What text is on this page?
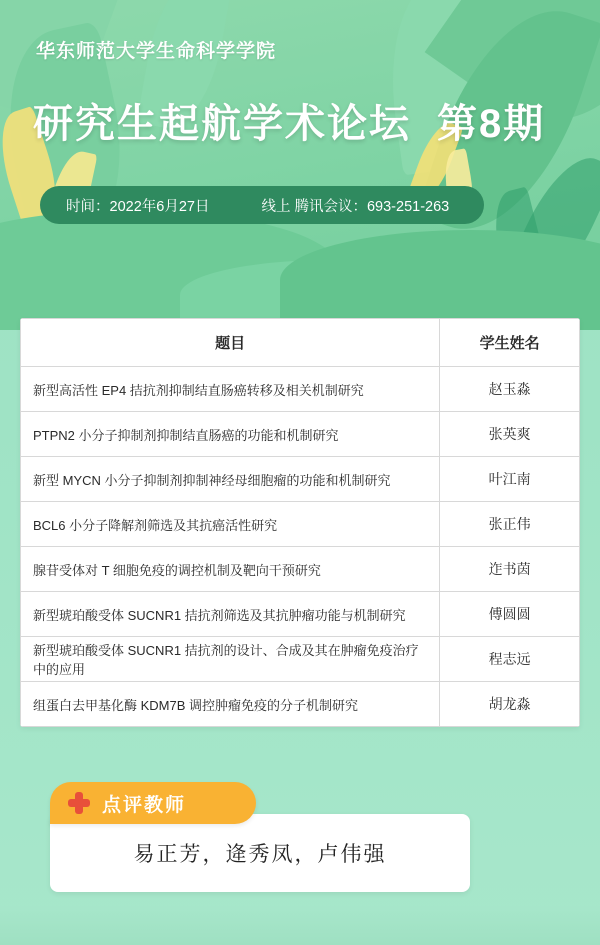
华东师范大学生命科学学院
研究生起航学术论坛 第8期
时间：2022年6月27日	线上 腾讯会议：693-251-263
题目	学生姓名
新型高活性 EP4 拮抗剂抑制结直肠癌转移及相关机制研究	赵玉淼
PTPN2 小分子抑制剂抑制结直肠癌的功能和机制研究	张英爽
新型 MYCN 小分子抑制剂抑制神经母细胞瘤的功能和机制研究	叶江南
BCL6 小分子降解剂筛选及其抗癌活性研究	张正伟
腺苷受体对 T 细胞免疫的调控机制及靶向干预研究	迮书茵
新型琥珀酸受体 SUCNR1 拮抗剂筛选及其抗肿瘤功能与机制研究	傅圆圆
新型琥珀酸受体 SUCNR1 拮抗剂的设计、合成及其在肿瘤免疫治疗中的应用	程志远
组蛋白去甲基化酶 KDM7B 调控肿瘤免疫的分子机制研究	胡龙淼
点评教师
易正芳，逄秀凤，卢伟强
